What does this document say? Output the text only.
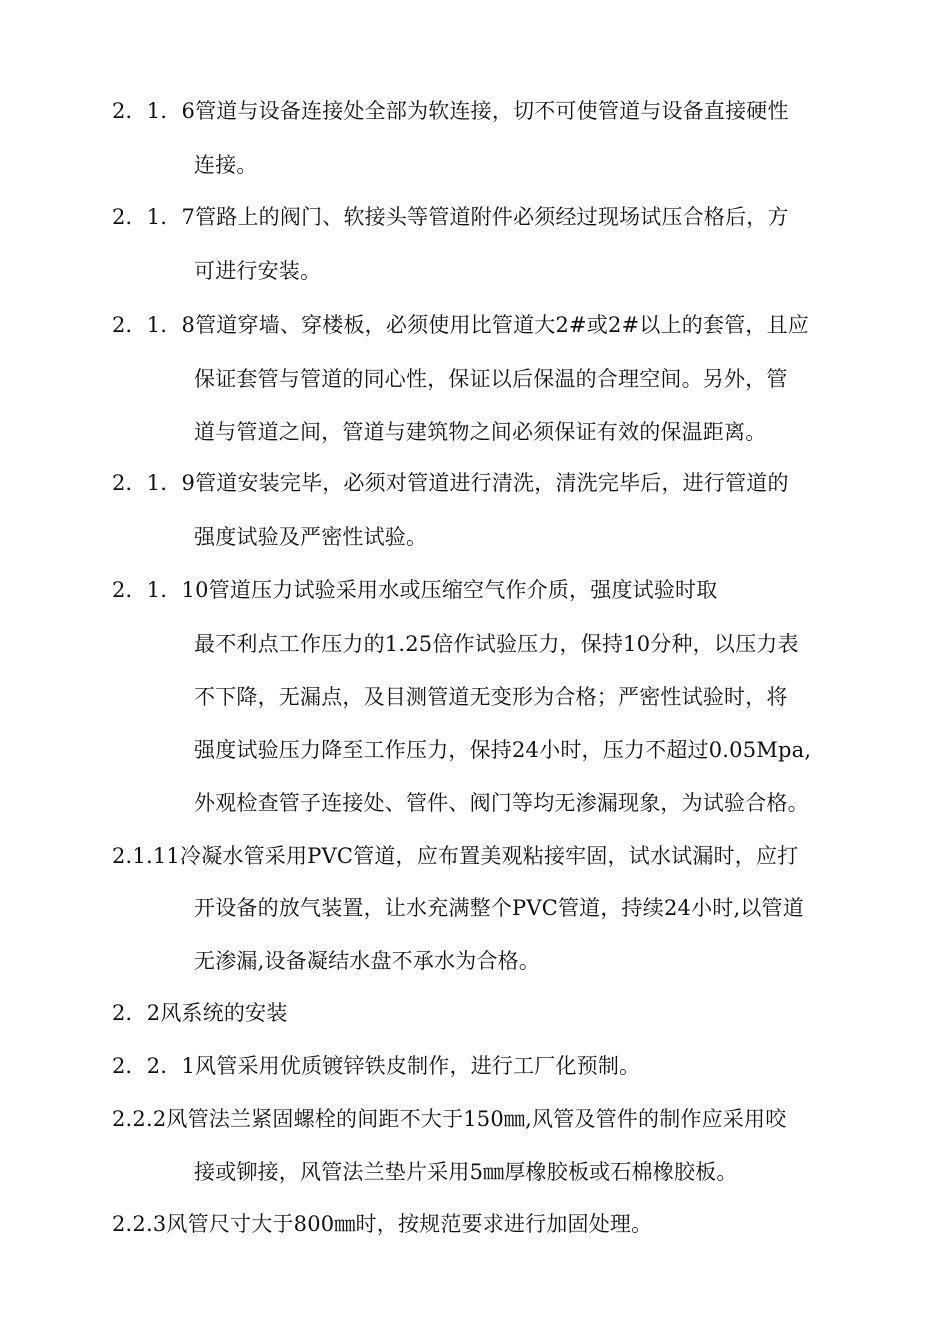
2．1．6管道与设备连接处全部为软连接，切不可使管道与设备直接硬性
连接。
2．1．7管路上的阀门、软接头等管道附件必须经过现场试压合格后，方
可进行安装。
2．1．8管道穿墙、穿楼板，必须使用比管道大2#或2#以上的套管，且应
保证套管与管道的同心性，保证以后保温的合理空间。另外，管
道与管道之间，管道与建筑物之间必须保证有效的保温距离。
2．1．9管道安装完毕，必须对管道进行清洗，清洗完毕后，进行管道的
强度试验及严密性试验。
2．1．10管道压力试验采用水或压缩空气作介质，强度试验时取
最不利点工作压力的1.25倍作试验压力，保持10分种，以压力表
不下降，无漏点，及目测管道无变形为合格；严密性试验时，将
强度试验压力降至工作压力，保持24小时，压力不超过0.05Mpa,
外观检查管子连接处、管件、阀门等均无渗漏现象，为试验合格。
2.1.11冷凝水管采用PVC管道，应布置美观粘接牢固，试水试漏时，应打
开设备的放气装置，让水充满整个PVC管道，持续24小时,以管道
无渗漏,设备凝结水盘不承水为合格。
2．2风系统的安装
2．2．1风管采用优质镀锌铁皮制作，进行工厂化预制。
2.2.2风管法兰紧固螺栓的间距不大于150㎜,风管及管件的制作应采用咬
接或铆接，风管法兰垫片采用5㎜厚橡胶板或石棉橡胶板。
2.2.3风管尺寸大于800㎜时，按规范要求进行加固处理。
